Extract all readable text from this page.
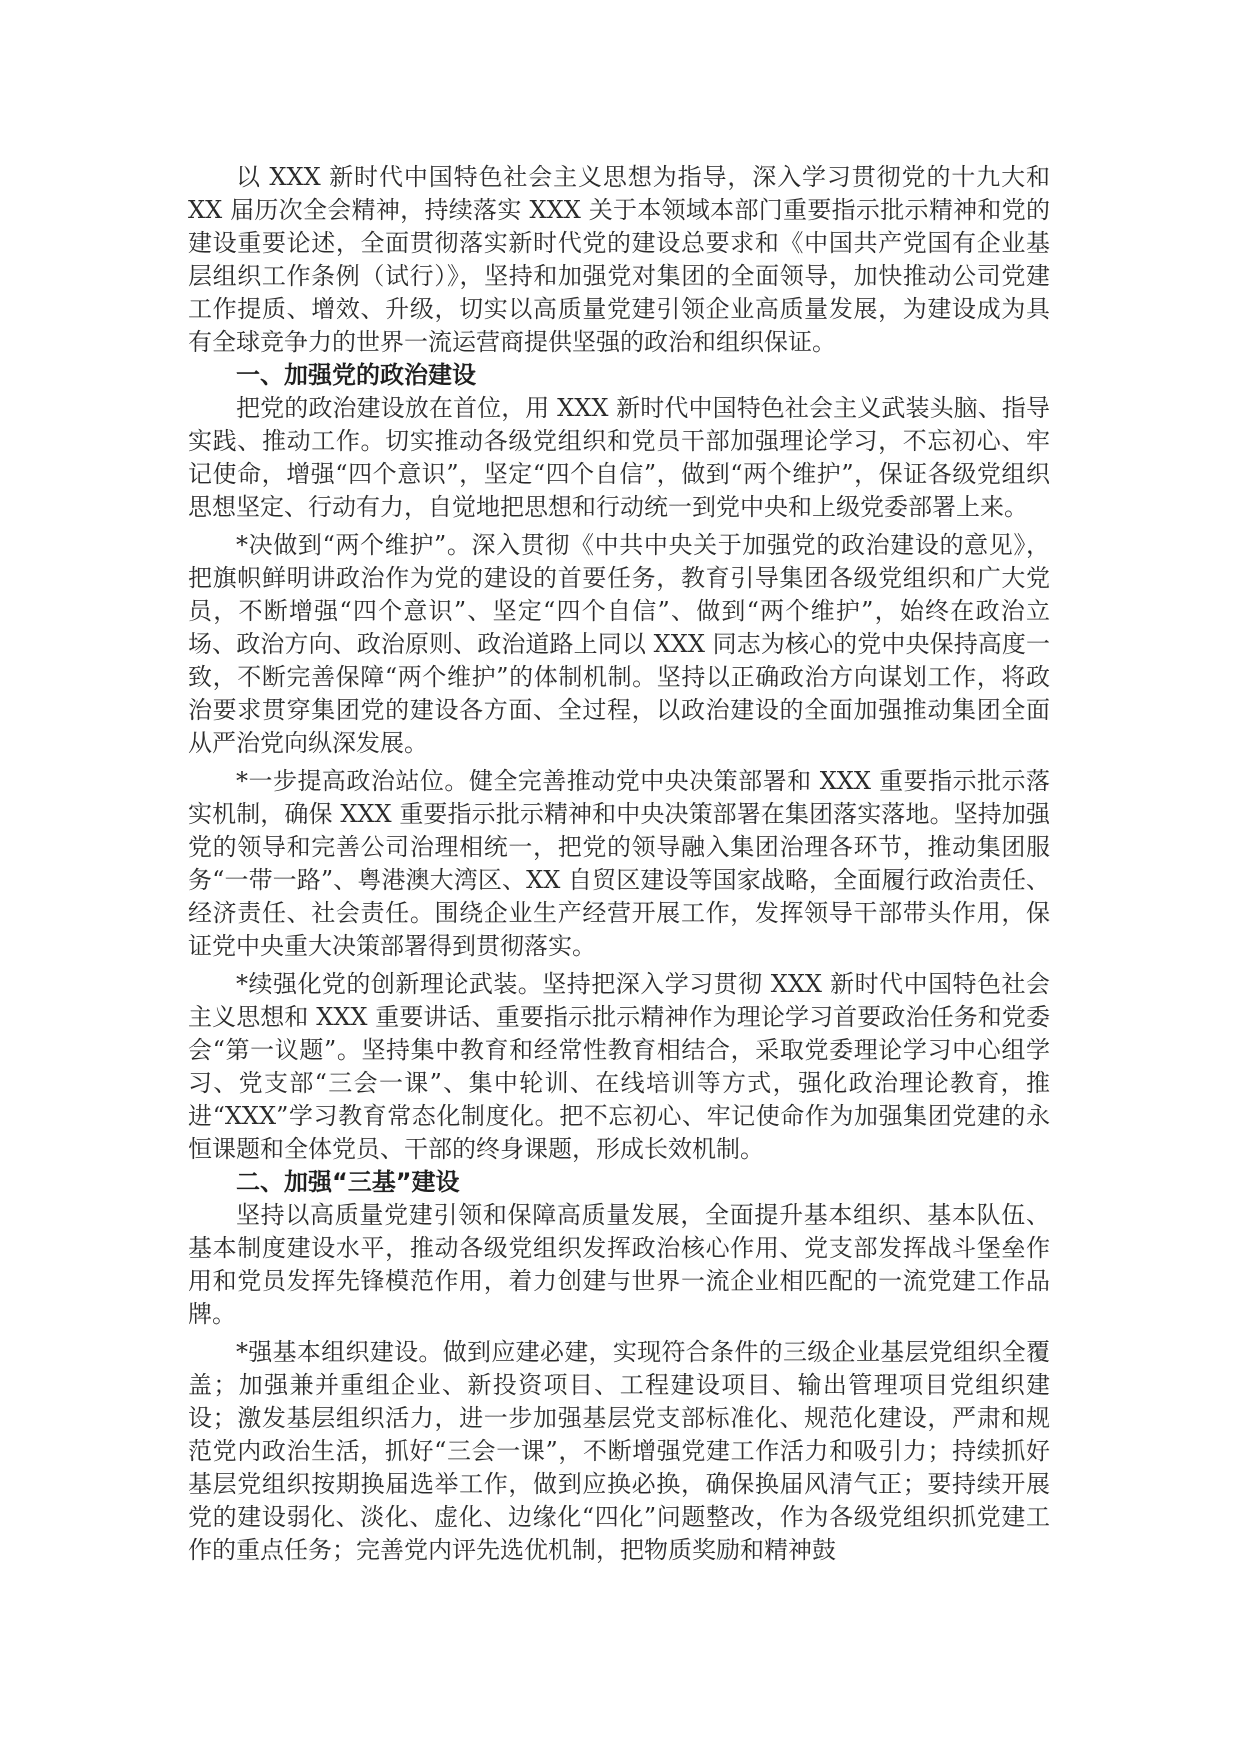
以 XXX 新时代中国特色社会主义思想为指导，深入学习贯彻党的十九大和 XX 届历次全会精神，持续落实 XXX 关于本领域本部门重要指示批示精神和党的建设重要论述，全面贯彻落实新时代党的建设总要求和《中国共产党国有企业基层组织工作条例（试行）》，坚持和加强党对集团的全面领导，加快推动公司党建工作提质、增效、升级，切实以高质量党建引领企业高质量发展，为建设成为具有全球竞争力的世界一流运营商提供坚强的政治和组织保证。

一、加强党的政治建设

把党的政治建设放在首位，用 XXX 新时代中国特色社会主义武装头脑、指导实践、推动工作。切实推动各级党组织和党员干部加强理论学习，不忘初心、牢记使命，增强“四个意识”，坚定“四个自信”，做到“两个维护”，保证各级党组织思想坚定、行动有力，自觉地把思想和行动统一到党中央和上级党委部署上来。

*决做到“两个维护”。深入贯彻《中共中央关于加强党的政治建设的意见》，把旗帜鲜明讲政治作为党的建设的首要任务，教育引导集团各级党组织和广大党员，不断增强“四个意识”、坚定“四个自信”、做到“两个维护”，始终在政治立场、政治方向、政治原则、政治道路上同以 XXX 同志为核心的党中央保持高度一致，不断完善保障“两个维护”的体制机制。坚持以正确政治方向谋划工作，将政治要求贯穿集团党的建设各方面、全过程，以政治建设的全面加强推动集团全面从严治党向纵深发展。

*一步提高政治站位。健全完善推动党中央决策部署和 XXX 重要指示批示落实机制，确保 XXX 重要指示批示精神和中央决策部署在集团落实落地。坚持加强党的领导和完善公司治理相统一，把党的领导融入集团治理各环节，推动集团服务“一带一路”、粤港澳大湾区、XX 自贸区建设等国家战略，全面履行政治责任、经济责任、社会责任。围绕企业生产经营开展工作，发挥领导干部带头作用，保证党中央重大决策部署得到贯彻落实。

*续强化党的创新理论武装。坚持把深入学习贯彻 XXX 新时代中国特色社会主义思想和 XXX 重要讲话、重要指示批示精神作为理论学习首要政治任务和党委会“第一议题”。坚持集中教育和经常性教育相结合，采取党委理论学习中心组学习、党支部“三会一课”、集中轮训、在线培训等方式，强化政治理论教育，推进“XXX”学习教育常态化制度化。把不忘初心、牢记使命作为加强集团党建的永恒课题和全体党员、干部的终身课题，形成长效机制。

二、加强“三基”建设

坚持以高质量党建引领和保障高质量发展，全面提升基本组织、基本队伍、基本制度建设水平，推动各级党组织发挥政治核心作用、党支部发挥战斗堡垒作用和党员发挥先锋模范作用，着力创建与世界一流企业相匹配的一流党建工作品牌。

*强基本组织建设。做到应建必建，实现符合条件的三级企业基层党组织全覆盖；加强兼并重组企业、新投资项目、工程建设项目、输出管理项目党组织建设；激发基层组织活力，进一步加强基层党支部标准化、规范化建设，严肃和规范党内政治生活，抓好“三会一课”，不断增强党建工作活力和吸引力；持续抓好基层党组织按期换届选举工作，做到应换必换，确保换届风清气正；要持续开展党的建设弱化、淡化、虚化、边缘化“四化”问题整改，作为各级党组织抓党建工作的重点任务；完善党内评先选优机制，把物质奖励和精神鼓
